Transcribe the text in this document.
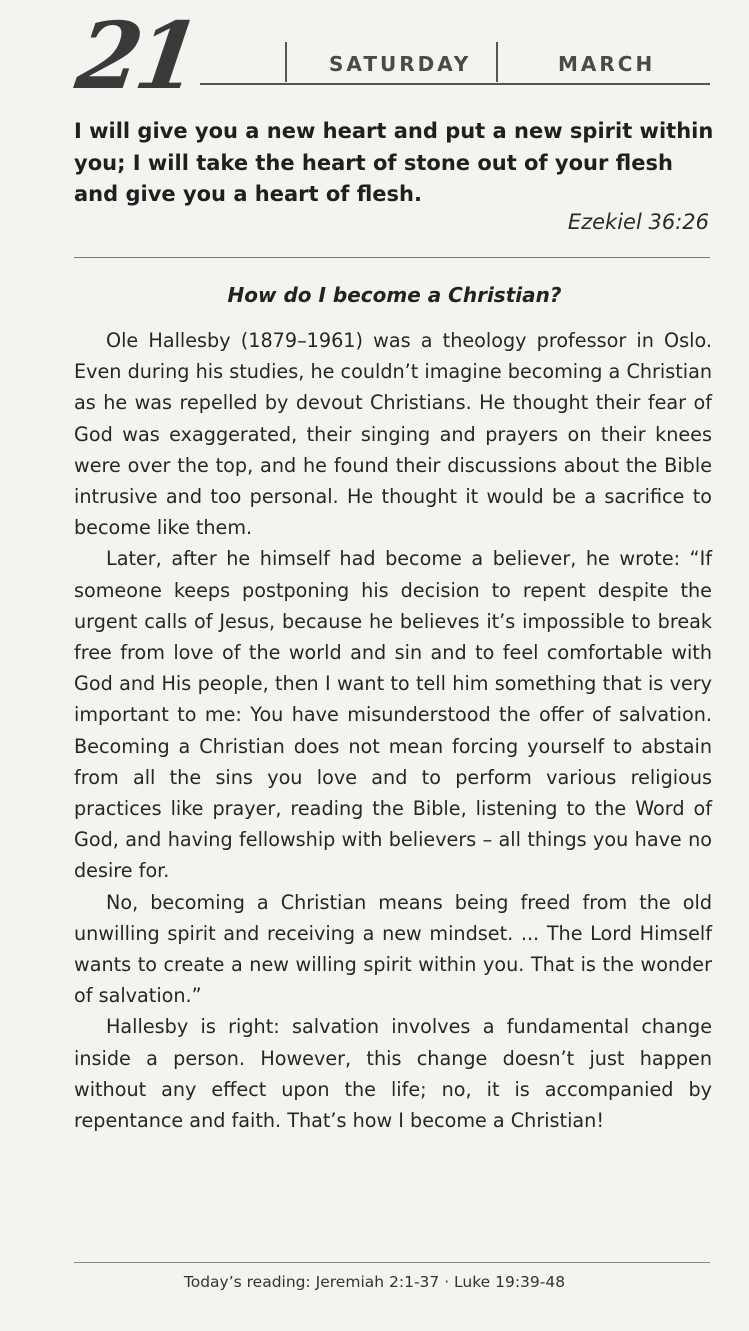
21	SATURDAY	MARCH
I will give you a new heart and put a new spirit within you; I will take the heart of stone out of your flesh and give you a heart of flesh.
Ezekiel 36:26
How do I become a Christian?

Ole Hallesby (1879–1961) was a theology professor in Oslo. Even during his studies, he couldn’t imagine becoming a Christian as he was repelled by devout Christians. He thought their fear of God was exaggerated, their singing and prayers on their knees were over the top, and he found their discussions about the Bible intrusive and too personal. He thought it would be a sacrifice to become like them.

Later, after he himself had become a believer, he wrote: “If someone keeps postponing his decision to repent despite the urgent calls of Jesus, because he believes it’s impossible to break free from love of the world and sin and to feel comfortable with God and His people, then I want to tell him something that is very important to me: You have misunderstood the offer of salvation. Becoming a Christian does not mean forcing yourself to abstain from all the sins you love and to perform various religious practices like prayer, reading the Bible, listening to the Word of God, and having fellowship with believers – all things you have no desire for.

No, becoming a Christian means being freed from the old unwilling spirit and receiving a new mindset. ... The Lord Himself wants to create a new willing spirit within you. That is the wonder of salvation.”

Hallesby is right: salvation involves a fundamental change inside a person. However, this change doesn’t just happen without any effect upon the life; no, it is accompanied by repentance and faith. That’s how I become a Christian!

Today’s reading: Jeremiah 2:1-37 · Luke 19:39-48
